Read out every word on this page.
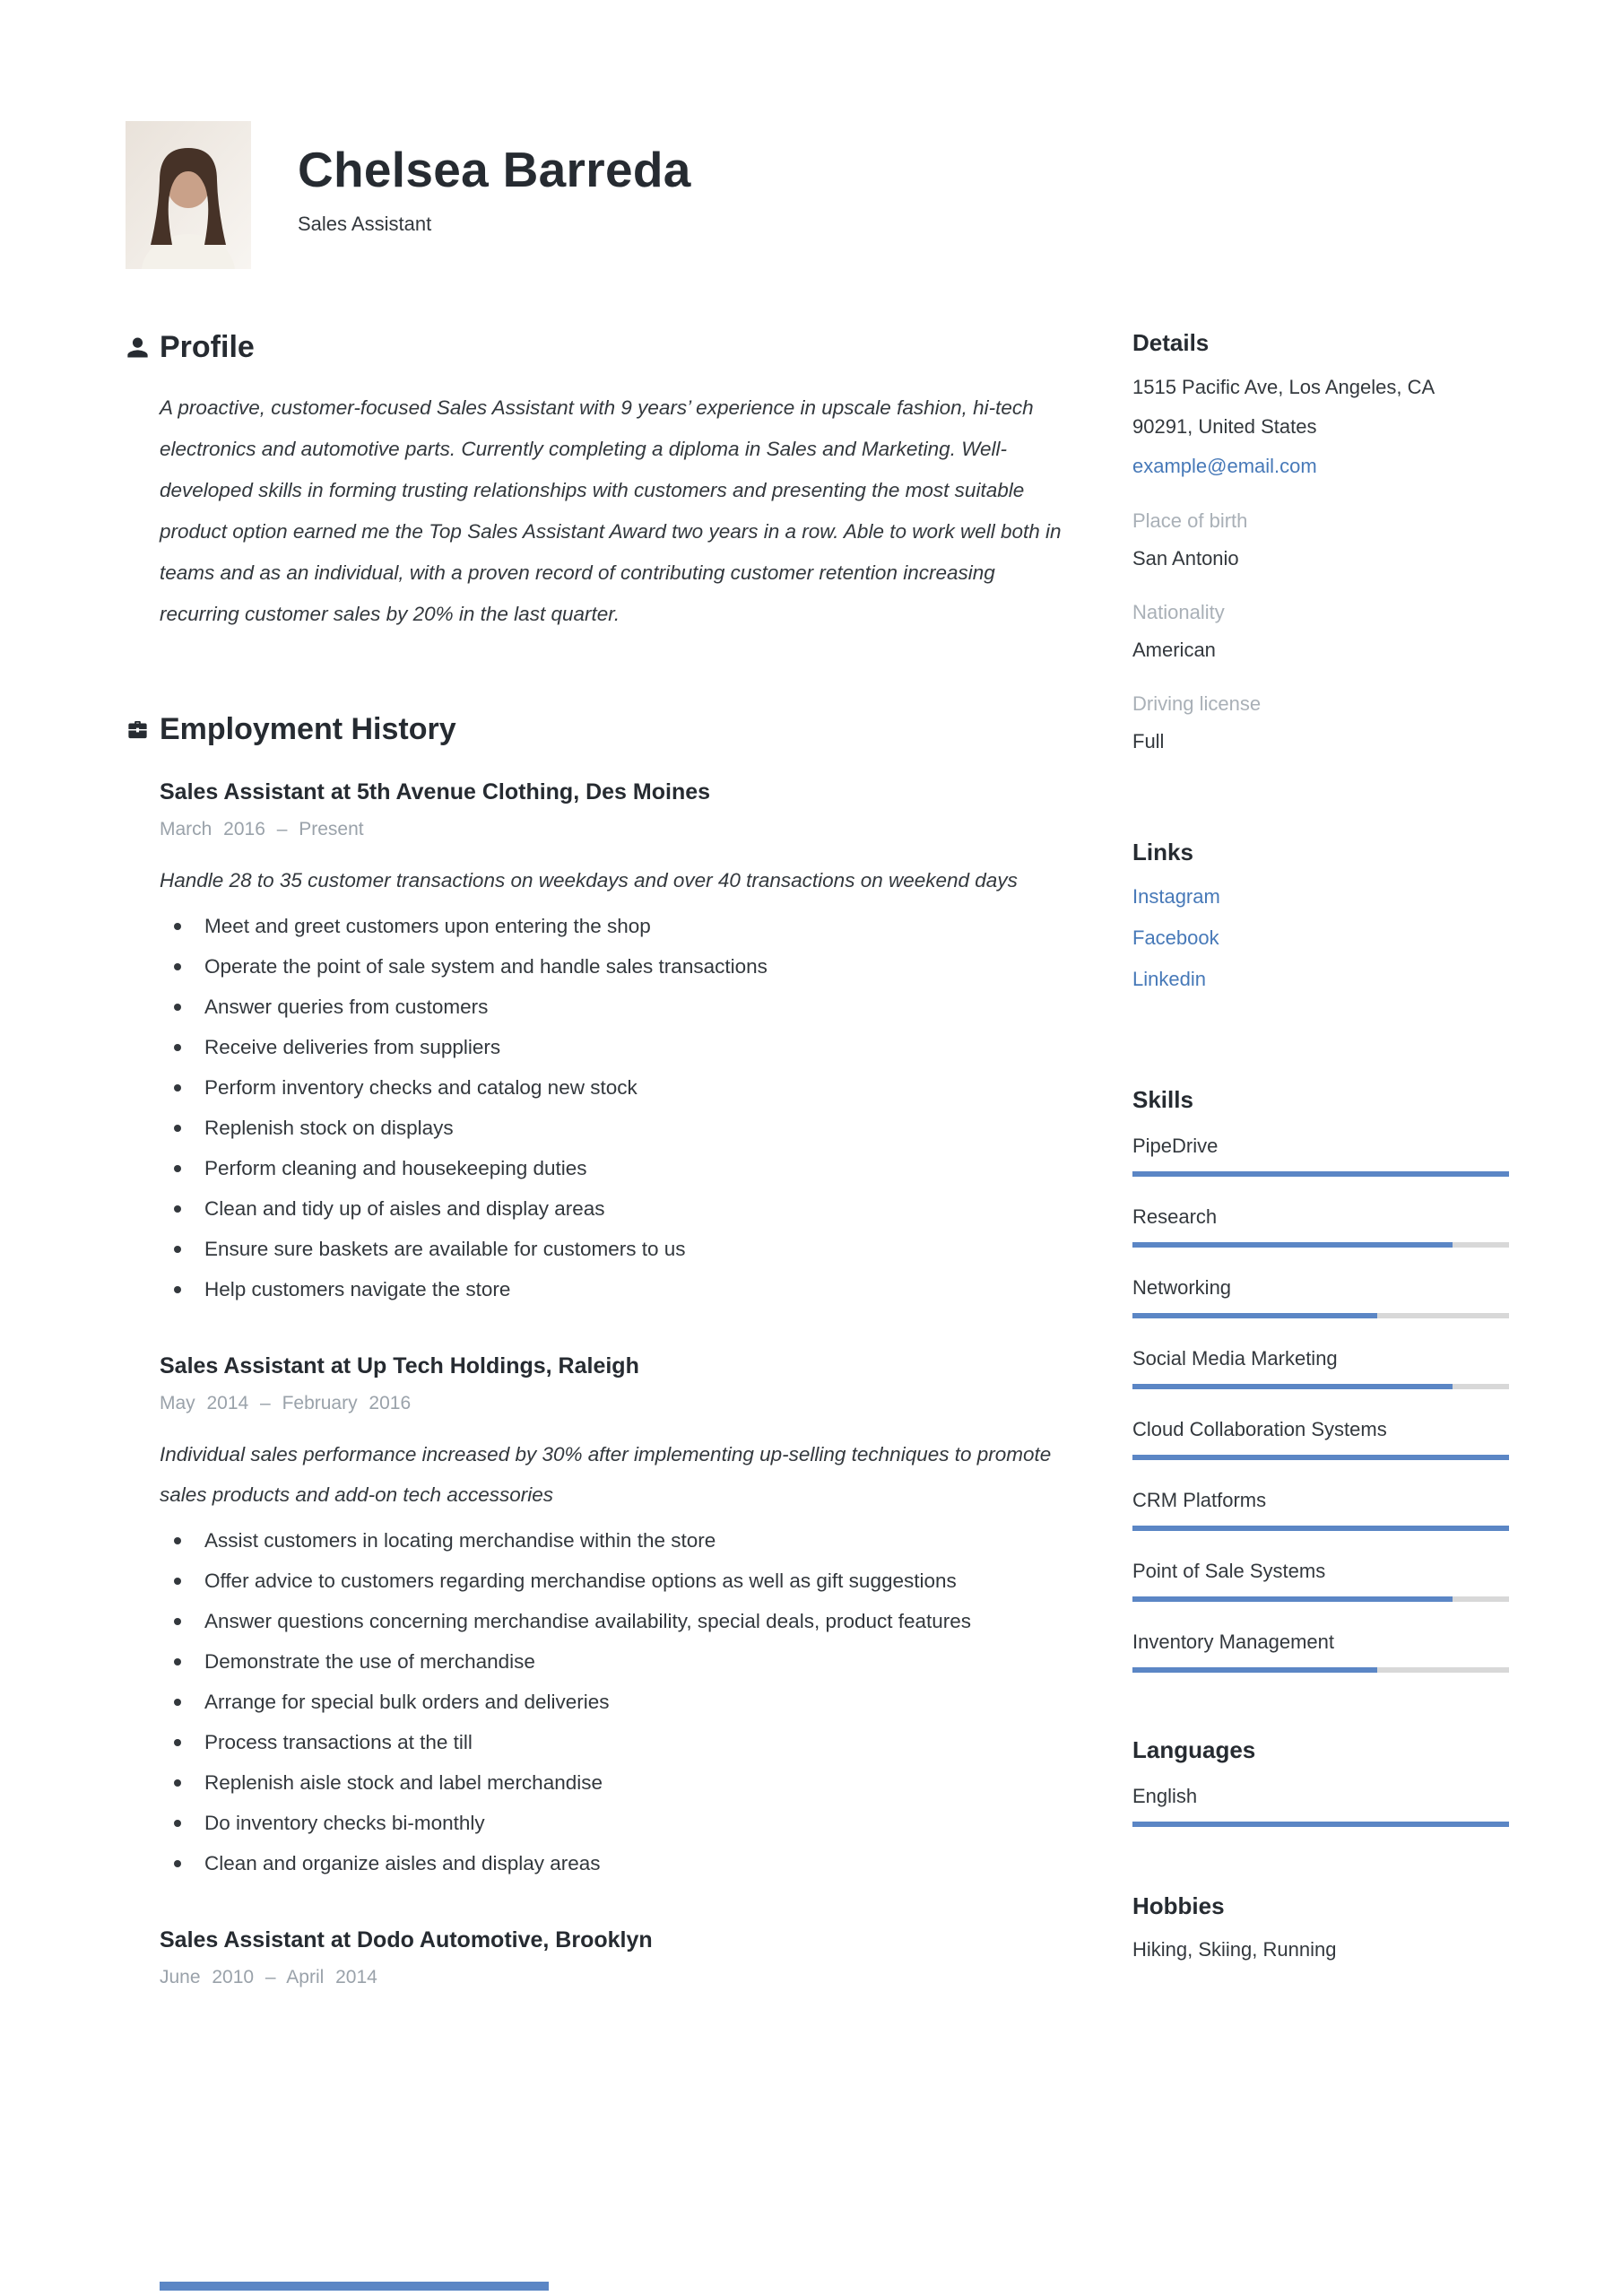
Chelsea Barreda
Sales Assistant
Profile

A proactive, customer-focused Sales Assistant with 9 years’ experience in upscale fashion, hi-tech electronics and automotive parts. Currently completing a diploma in Sales and Marketing. Well-developed skills in forming trusting relationships with customers and presenting the most suitable product option earned me the Top Sales Assistant Award two years in a row. Able to work well both in teams and as an individual, with a proven record of contributing customer retention increasing recurring customer sales by 20% in the last quarter.

Employment History
Sales Assistant at 5th Avenue Clothing, Des Moines
March 2016 – Present

Handle 28 to 35 customer transactions on weekdays and over 40 transactions on weekend days

Meet and greet customers upon entering the shop
Operate the point of sale system and handle sales transactions
Answer queries from customers
Receive deliveries from suppliers
Perform inventory checks and catalog new stock
Replenish stock on displays
Perform cleaning and housekeeping duties
Clean and tidy up of aisles and display areas
Ensure sure baskets are available for customers to us
Help customers navigate the store
Sales Assistant at Up Tech Holdings, Raleigh
May 2014 – February 2016

Individual sales performance increased by 30% after implementing up-selling techniques to promote sales products and add-on tech accessories

Assist customers in locating merchandise within the store
Offer advice to customers regarding merchandise options as well as gift suggestions
Answer questions concerning merchandise availability, special deals, product features
Demonstrate the use of merchandise
Arrange for special bulk orders and deliveries
Process transactions at the till
Replenish aisle stock and label merchandise
Do inventory checks bi-monthly
Clean and organize aisles and display areas
Sales Assistant at Dodo Automotive, Brooklyn
June 2010 – April 2014
Details
1515 Pacific Ave, Los Angeles, CA
90291, United States
example@email.com
Place of birth
San Antonio
Nationality
American
Driving license
Full
Links
Instagram
Facebook
Linkedin
Skills
PipeDrive
Research
Networking
Social Media Marketing
Cloud Collaboration Systems
CRM Platforms
Point of Sale Systems
Inventory Management
Languages
English
Hobbies
Hiking, Skiing, Running
